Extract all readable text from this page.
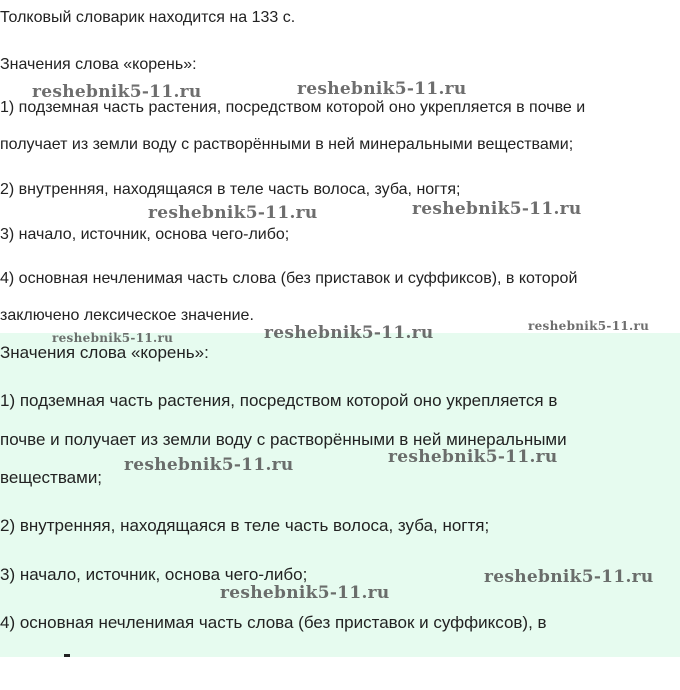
Толковый словарик находится на 133 с.
Значения слова «корень»:
1) подземная часть растения, посредством которой оно укрепляется в почве и
получает из земли воду с растворёнными в ней минеральными веществами;
2) внутренняя, находящаяся в теле часть волоса, зуба, ногтя;
3) начало, источник, основа чего-либо;
4) основная нечленимая часть слова (без приставок и суффиксов), в которой
заключено лексическое значение.
Значения слова «корень»:
1) подземная часть растения, посредством которой оно укрепляется в
почве и получает из земли воду с растворёнными в ней минеральными
веществами;
2) внутренняя, находящаяся в теле часть волоса, зуба, ногтя;
3) начало, источник, основа чего-либо;
4) основная нечленимая часть слова (без приставок и суффиксов), в
reshebnik5-11.ru	reshebnik5-11.ru
reshebnik5-11.ru	reshebnik5-11.ru
reshebnik5-11.ru	reshebnik5-11.ru	reshebnik5-11.ru
reshebnik5-11.ru	reshebnik5-11.ru
reshebnik5-11.ru
reshebnik5-11.ru
